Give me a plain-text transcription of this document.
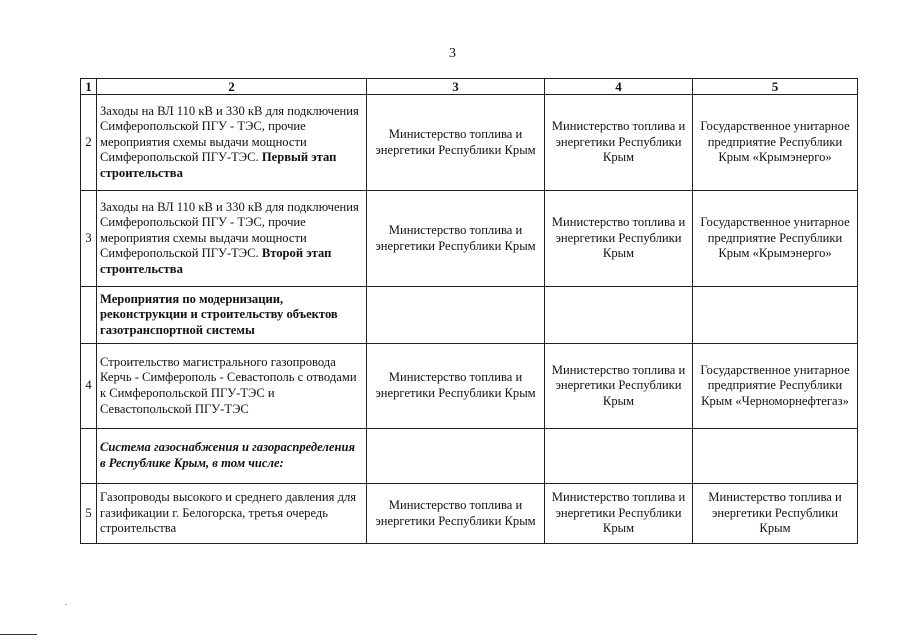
3
1	2	3	4	5
2	Заходы на ВЛ 110 кВ и 330 кВ для подключения Симферопольской ПГУ - ТЭС, прочие мероприятия схемы выдачи мощности Симферопольской ПГУ-ТЭС. Первый этап строительства	Министерство топлива и энергетики Республики Крым	Министерство топлива и энергетики Республики Крым	Государственное унитарное предприятие Республики Крым «Крымэнерго»
3	Заходы на ВЛ 110 кВ и 330 кВ для подключения Симферопольской ПГУ - ТЭС, прочие мероприятия схемы выдачи мощности Симферопольской ПГУ-ТЭС. Второй этап строительства	Министерство топлива и энергетики Республики Крым	Министерство топлива и энергетики Республики Крым	Государственное унитарное предприятие Республики Крым «Крымэнерго»
	Мероприятия по модернизации, реконструкции и строительству объектов газотранспортной системы			
4	Строительство магистрального газопровода Керчь - Симферополь - Севастополь с отводами к Симферопольской ПГУ-ТЭС и Севастопольской ПГУ-ТЭС	Министерство топлива и энергетики Республики Крым	Министерство топлива и энергетики Республики Крым	Государственное унитарное предприятие Республики Крым «Черноморнефтегаз»
	Система газоснабжения и газораспределения в Республике Крым, в том числе:			
5	Газопроводы высокого и среднего давления для газификации г. Белогорска, третья очередь строительства	Министерство топлива и энергетики Республики Крым	Министерство топлива и энергетики Республики Крым	Министерство топлива и энергетики Республики Крым
